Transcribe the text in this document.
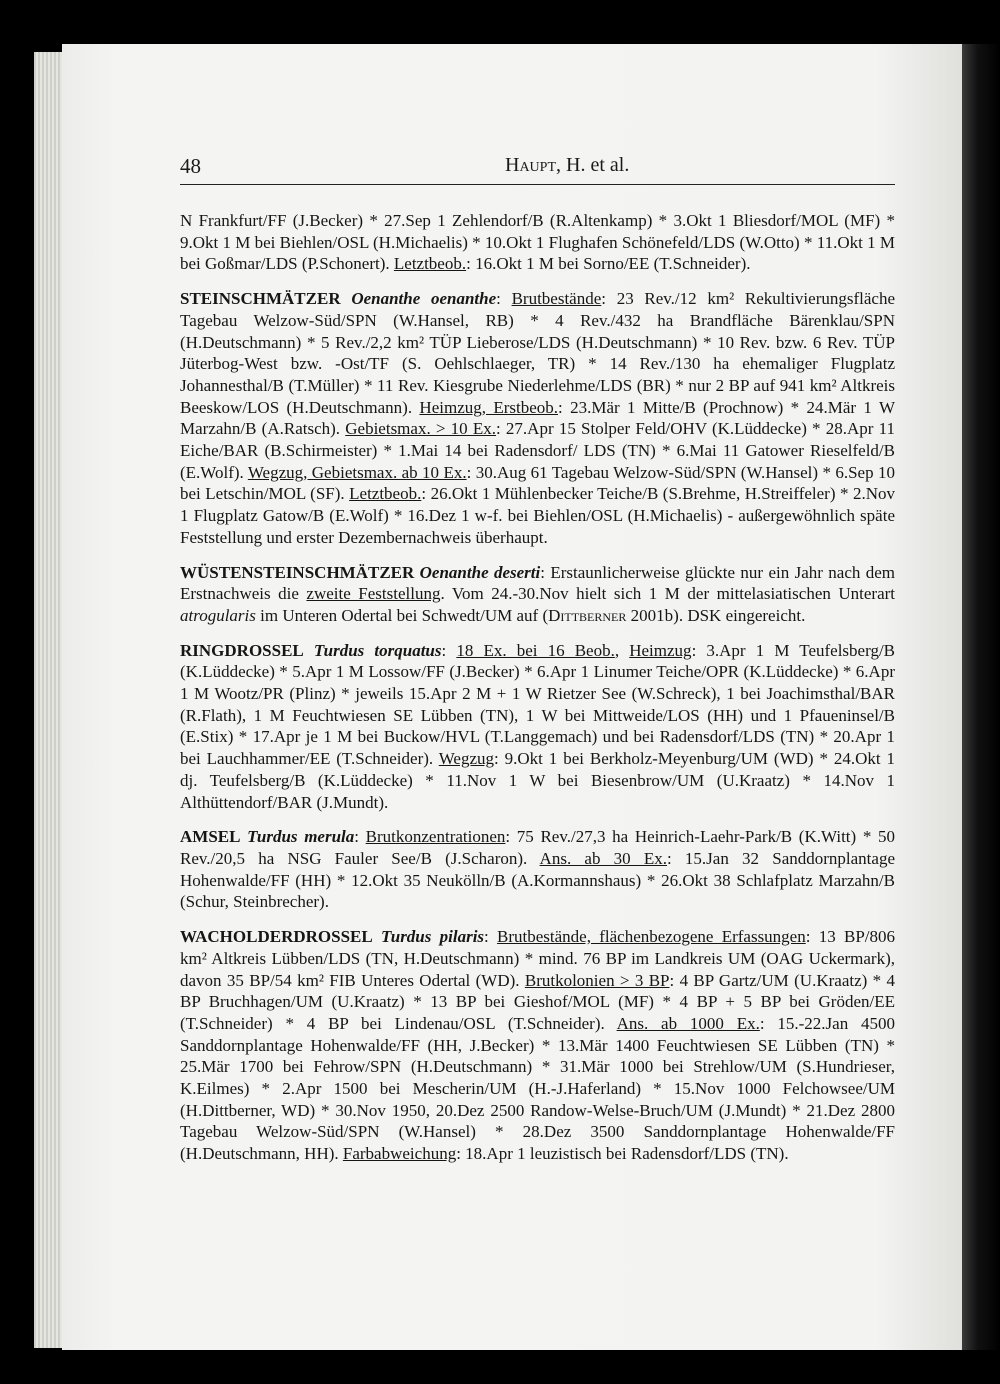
48	Haupt, H. et al.

N Frankfurt/FF (J.Becker) * 27.Sep 1 Zehlendorf/B (R.Altenkamp) * 3.Okt 1 Bliesdorf/MOL (MF) * 9.Okt 1 M bei Biehlen/OSL (H.Michaelis) * 10.Okt 1 Flughafen Schönefeld/LDS (W.Otto) * 11.Okt 1 M bei Goßmar/LDS (P.Schonert). Letztbeob.: 16.Okt 1 M bei Sorno/EE (T.Schneider).

STEINSCHMÄTZER Oenanthe oenanthe: Brutbestände: 23 Rev./12 km² Rekultivierungsfläche Tagebau Welzow-Süd/SPN (W.Hansel, RB) * 4 Rev./432 ha Brandfläche Bärenklau/SPN (H.Deutschmann) * 5 Rev./2,2 km² TÜP Lieberose/LDS (H.Deutschmann) * 10 Rev. bzw. 6 Rev. TÜP Jüterbog-West bzw. -Ost/TF (S. Oehlschlaeger, TR) * 14 Rev./130 ha ehemaliger Flugplatz Johannesthal/B (T.Müller) * 11 Rev. Kiesgrube Niederlehme/LDS (BR) * nur 2 BP auf 941 km² Altkreis Beeskow/LOS (H.Deutschmann). Heimzug, Erstbeob.: 23.Mär 1 Mitte/B (Prochnow) * 24.Mär 1 W Marzahn/B (A.Ratsch). Gebietsmax. > 10 Ex.: 27.Apr 15 Stolper Feld/OHV (K.Lüddecke) * 28.Apr 11 Eiche/BAR (B.Schirmeister) * 1.Mai 14 bei Radensdorf/ LDS (TN) * 6.Mai 11 Gatower Rieselfeld/B (E.Wolf). Wegzug, Gebietsmax. ab 10 Ex.: 30.Aug 61 Tagebau Welzow-Süd/SPN (W.Hansel) * 6.Sep 10 bei Letschin/MOL (SF). Letztbeob.: 26.Okt 1 Mühlenbecker Teiche/B (S.Brehme, H.Streiffeler) * 2.Nov 1 Flugplatz Gatow/B (E.Wolf) * 16.Dez 1 w-f. bei Biehlen/OSL (H.Michaelis) - außergewöhnlich späte Feststellung und erster Dezembernachweis überhaupt.

WÜSTENSTEINSCHMÄTZER Oenanthe deserti: Erstaunlicherweise glückte nur ein Jahr nach dem Erstnachweis die zweite Feststellung. Vom 24.-30.Nov hielt sich 1 M der mittelasiatischen Unterart atrogularis im Unteren Odertal bei Schwedt/UM auf (Dittberner 2001b). DSK eingereicht.

RINGDROSSEL Turdus torquatus: 18 Ex. bei 16 Beob., Heimzug: 3.Apr 1 M Teufelsberg/B (K.Lüddecke) * 5.Apr 1 M Lossow/FF (J.Becker) * 6.Apr 1 Linumer Teiche/OPR (K.Lüddecke) * 6.Apr 1 M Wootz/PR (Plinz) * jeweils 15.Apr 2 M + 1 W Rietzer See (W.Schreck), 1 bei Joachimsthal/BAR (R.Flath), 1 M Feuchtwiesen SE Lübben (TN), 1 W bei Mittweide/LOS (HH) und 1 Pfaueninsel/B (E.Stix) * 17.Apr je 1 M bei Buckow/HVL (T.Langgemach) und bei Radensdorf/LDS (TN) * 20.Apr 1 bei Lauchhammer/EE (T.Schneider). Wegzug: 9.Okt 1 bei Berkholz-Meyenburg/UM (WD) * 24.Okt 1 dj. Teufelsberg/B (K.Lüddecke) * 11.Nov 1 W bei Biesenbrow/UM (U.Kraatz) * 14.Nov 1 Althüttendorf/BAR (J.Mundt).

AMSEL Turdus merula: Brutkonzentrationen: 75 Rev./27,3 ha Heinrich-Laehr-Park/B (K.Witt) * 50 Rev./20,5 ha NSG Fauler See/B (J.Scharon). Ans. ab 30 Ex.: 15.Jan 32 Sanddornplantage Hohenwalde/FF (HH) * 12.Okt 35 Neukölln/B (A.Kormannshaus) * 26.Okt 38 Schlafplatz Marzahn/B (Schur, Steinbrecher).

WACHOLDERDROSSEL Turdus pilaris: Brutbestände, flächenbezogene Erfassungen: 13 BP/806 km² Altkreis Lübben/LDS (TN, H.Deutschmann) * mind. 76 BP im Landkreis UM (OAG Uckermark), davon 35 BP/54 km² FIB Unteres Odertal (WD). Brutkolonien > 3 BP: 4 BP Gartz/UM (U.Kraatz) * 4 BP Bruchhagen/UM (U.Kraatz) * 13 BP bei Gieshof/MOL (MF) * 4 BP + 5 BP bei Gröden/EE (T.Schneider) * 4 BP bei Lindenau/OSL (T.Schneider). Ans. ab 1000 Ex.: 15.-22.Jan 4500 Sanddornplantage Hohenwalde/FF (HH, J.Becker) * 13.Mär 1400 Feuchtwiesen SE Lübben (TN) * 25.Mär 1700 bei Fehrow/SPN (H.Deutschmann) * 31.Mär 1000 bei Strehlow/UM (S.Hundrieser, K.Eilmes) * 2.Apr 1500 bei Mescherin/UM (H.-J.Haferland) * 15.Nov 1000 Felchowsee/UM (H.Dittberner, WD) * 30.Nov 1950, 20.Dez 2500 Randow-Welse-Bruch/UM (J.Mundt) * 21.Dez 2800 Tagebau Welzow-Süd/SPN (W.Hansel) * 28.Dez 3500 Sanddornplantage Hohenwalde/FF (H.Deutschmann, HH). Farbabweichung: 18.Apr 1 leuzistisch bei Radensdorf/LDS (TN).
